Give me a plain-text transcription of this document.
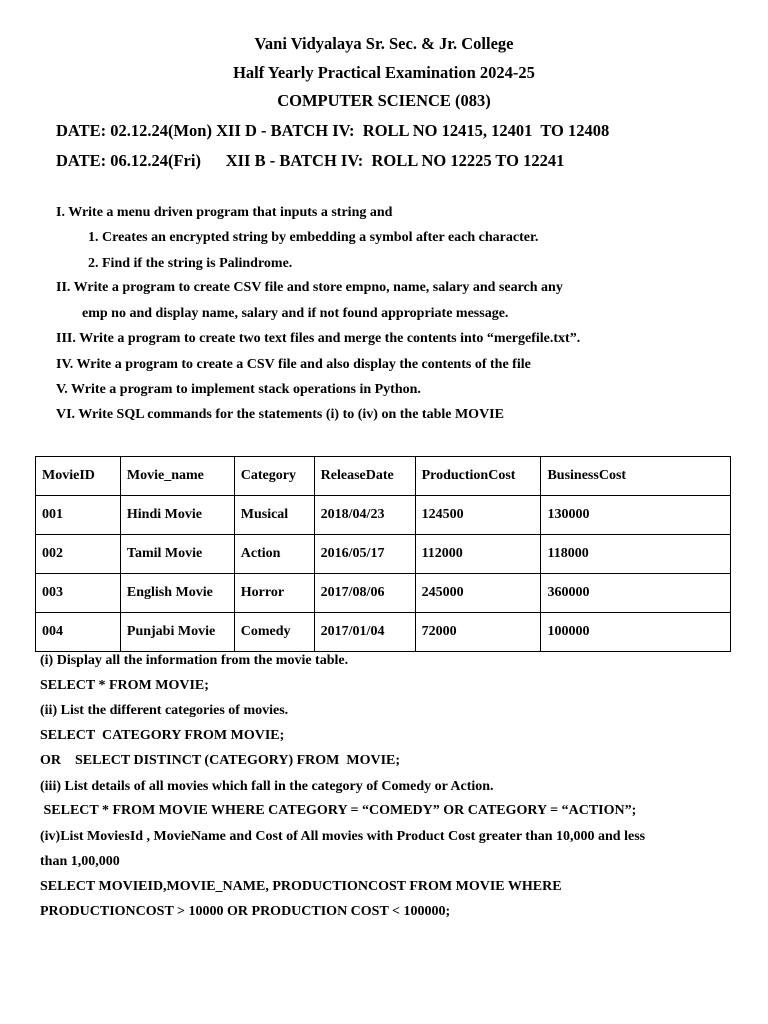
Vani Vidyalaya Sr. Sec. & Jr. College
Half Yearly Practical Examination 2024-25
COMPUTER SCIENCE (083)
DATE: 02.12.24(Mon) XII D - BATCH IV:  ROLL NO 12415, 12401  TO 12408
DATE: 06.12.24(Fri)      XII B - BATCH IV:  ROLL NO 12225 TO 12241
I. Write a menu driven program that inputs a string and
1. Creates an encrypted string by embedding a symbol after each character.
2. Find if the string is Palindrome.
II. Write a program to create CSV file and store empno, name, salary and search any
emp no and display name, salary and if not found appropriate message.
III. Write a program to create two text files and merge the contents into “mergefile.txt”.
IV. Write a program to create a CSV file and also display the contents of the file
V. Write a program to implement stack operations in Python.
VI. Write SQL commands for the statements (i) to (iv) on the table MOVIE
MovieID	Movie_name	Category	ReleaseDate	ProductionCost	BusinessCost
001	Hindi Movie	Musical	2018/04/23	124500	130000
002	Tamil Movie	Action	2016/05/17	112000	118000
003	English Movie	Horror	2017/08/06	245000	360000
004	Punjabi Movie	Comedy	2017/01/04	72000	100000
(i) Display all the information from the movie table.
SELECT * FROM MOVIE;
(ii) List the different categories of movies.
SELECT  CATEGORY FROM MOVIE;
OR    SELECT DISTINCT (CATEGORY) FROM  MOVIE;
(iii) List details of all movies which fall in the category of Comedy or Action.
SELECT * FROM MOVIE WHERE CATEGORY = “COMEDY” OR CATEGORY = “ACTION”;
(iv)List MoviesId , MovieName and Cost of All movies with Product Cost greater than 10,000 and less
than 1,00,000
SELECT MOVIEID,MOVIE_NAME, PRODUCTIONCOST FROM MOVIE WHERE
PRODUCTIONCOST > 10000 OR PRODUCTION COST < 100000;
